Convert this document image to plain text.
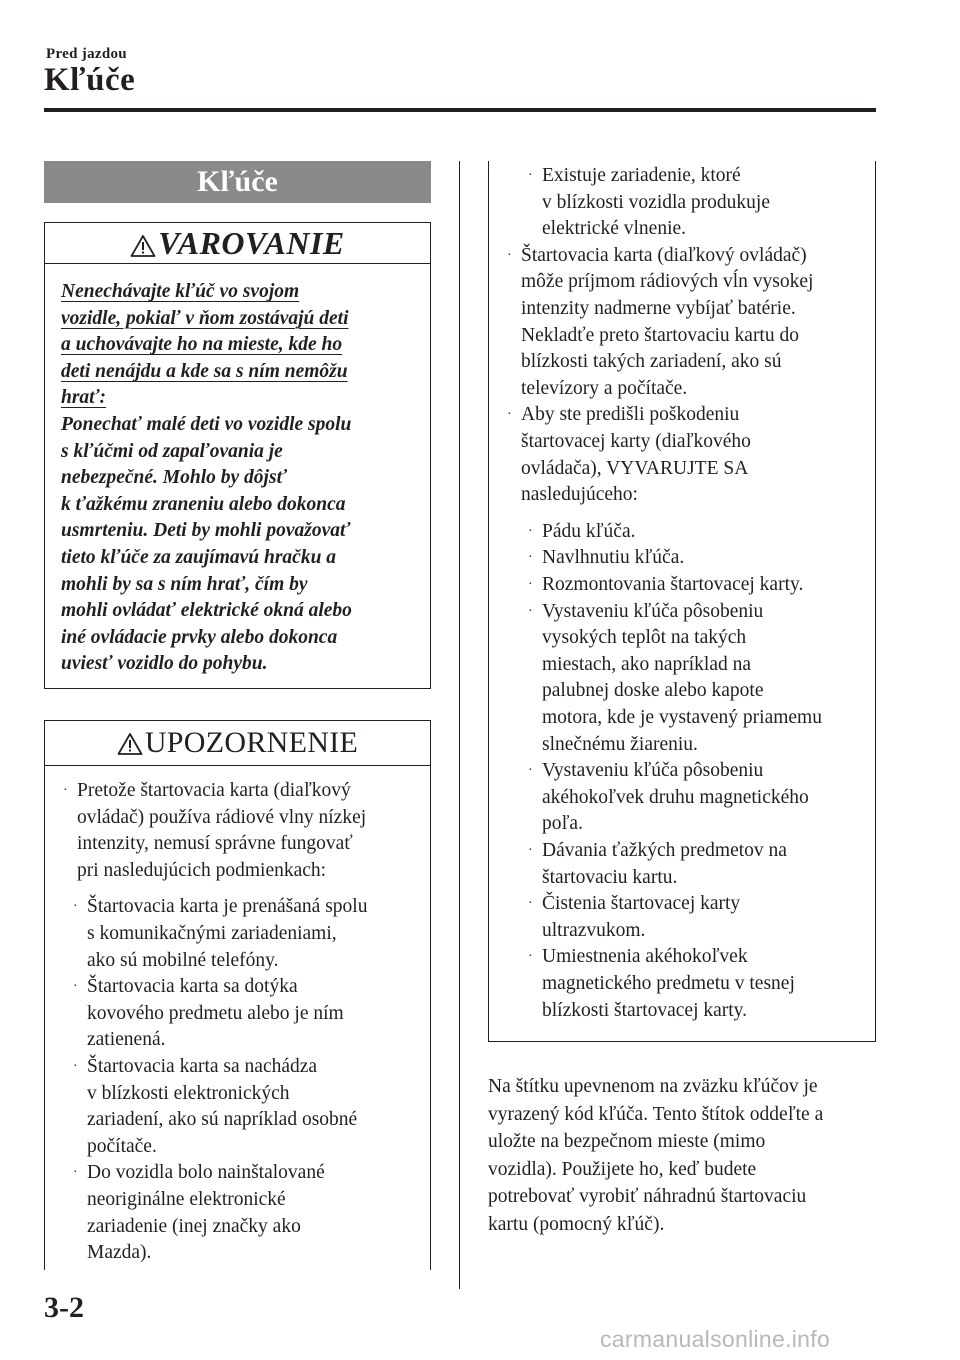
Pred jazdou
Kľúče
Kľúče
VAROVANIE
Nenechávajte kľúč vo svojom
vozidle, pokiaľ v ňom zostávajú deti
a uchovávajte ho na mieste, kde ho
deti nenájdu a kde sa s ním nemôžu
hrať:
Ponechať malé deti vo vozidle spolu
s kľúčmi od zapaľovania je
nebezpečné. Mohlo by dôjsť
k ťažkému zraneniu alebo dokonca
usmrteniu. Deti by mohli považovať
tieto kľúče za zaujímavú hračku a
mohli by sa s ním hrať, čím by
mohli ovládať elektrické okná alebo
iné ovládacie prvky alebo dokonca
uviesť vozidlo do pohybu.
UPOZORNENIE
· Pretože štartovacia karta (diaľkový
ovládač) používa rádiové vlny nízkej
intenzity, nemusí správne fungovať
pri nasledujúcich podmienkach:
· Štartovacia karta je prenášaná spolu
s komunikačnými zariadeniami,
ako sú mobilné telefóny.
· Štartovacia karta sa dotýka
kovového predmetu alebo je ním
zatienená.
· Štartovacia karta sa nachádza
v blízkosti elektronických
zariadení, ako sú napríklad osobné
počítače.
· Do vozidla bolo nainštalované
neoriginálne elektronické
zariadenie (inej značky ako
Mazda).
· Existuje zariadenie, ktoré
v blízkosti vozidla produkuje
elektrické vlnenie.
· Štartovacia karta (diaľkový ovládač)
môže príjmom rádiových vĺn vysokej
intenzity nadmerne vybíjať batérie.
Nekladťe preto štartovaciu kartu do
blízkosti takých zariadení, ako sú
televízory a počítače.
· Aby ste predišli poškodeniu
štartovacej karty (diaľkového
ovládača), VYVARUJTE SA
nasledujúceho:
· Pádu kľúča.
· Navlhnutiu kľúča.
· Rozmontovania štartovacej karty.
· Vystaveniu kľúča pôsobeniu
vysokých teplôt na takých
miestach, ako napríklad na
palubnej doske alebo kapote
motora, kde je vystavený priamemu
slnečnému žiareniu.
· Vystaveniu kľúča pôsobeniu
akéhokoľvek druhu magnetického
poľa.
· Dávania ťažkých predmetov na
štartovaciu kartu.
· Čistenia štartovacej karty
ultrazvukom.
· Umiestnenia akéhokoľvek
magnetického predmetu v tesnej
blízkosti štartovacej karty.
Na štítku upevnenom na zväzku kľúčov je
vyrazený kód kľúča. Tento štítok oddeľte a
uložte na bezpečnom mieste (mimo
vozidla). Použijete ho, keď budete
potrebovať vyrobiť náhradnú štartovaciu
kartu (pomocný kľúč).
3-2
carmanualsonline.info
